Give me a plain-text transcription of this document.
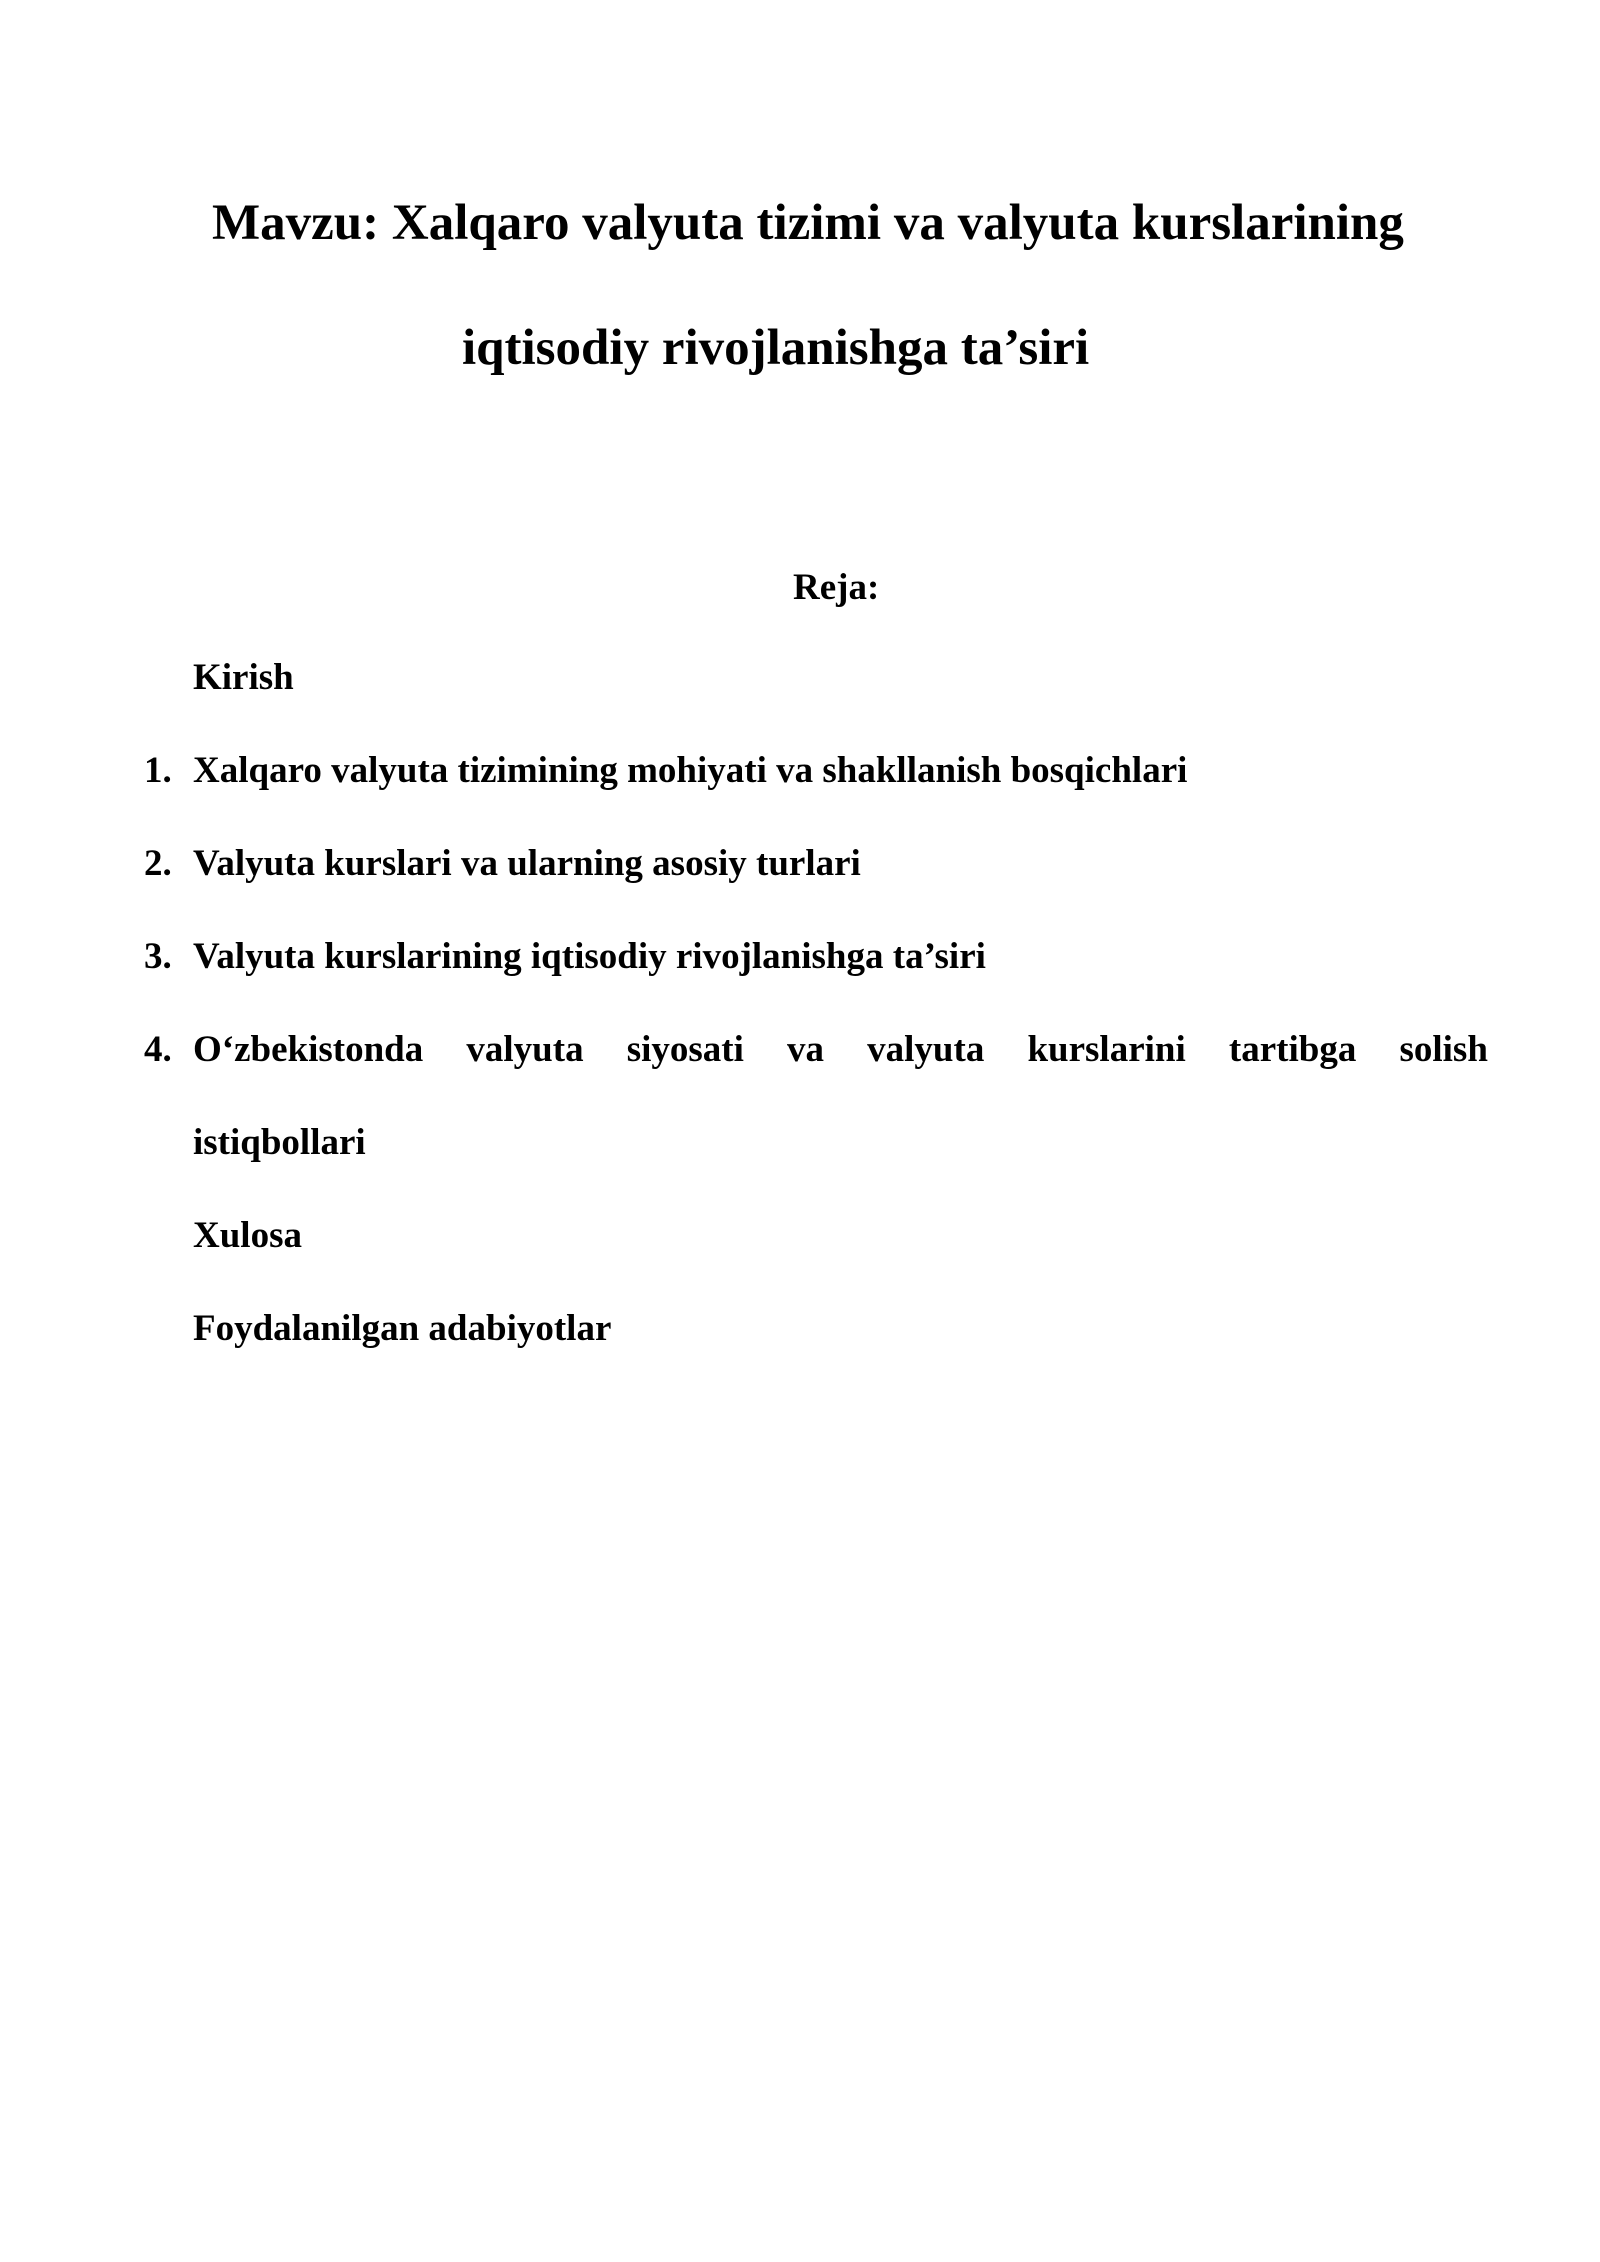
Mavzu: Xalqaro valyuta tizimi va valyuta kurslarining
iqtisodiy rivojlanishga ta’siri
Reja:
Kirish
1. Xalqaro valyuta tizimining mohiyati va shakllanish bosqichlari
2. Valyuta kurslari va ularning asosiy turlari
3. Valyuta kurslarining iqtisodiy rivojlanishga ta’siri
4. O‘zbekistonda valyuta siyosati va valyuta kurslarini tartibga solish
istiqbollari
Xulosa
Foydalanilgan adabiyotlar
